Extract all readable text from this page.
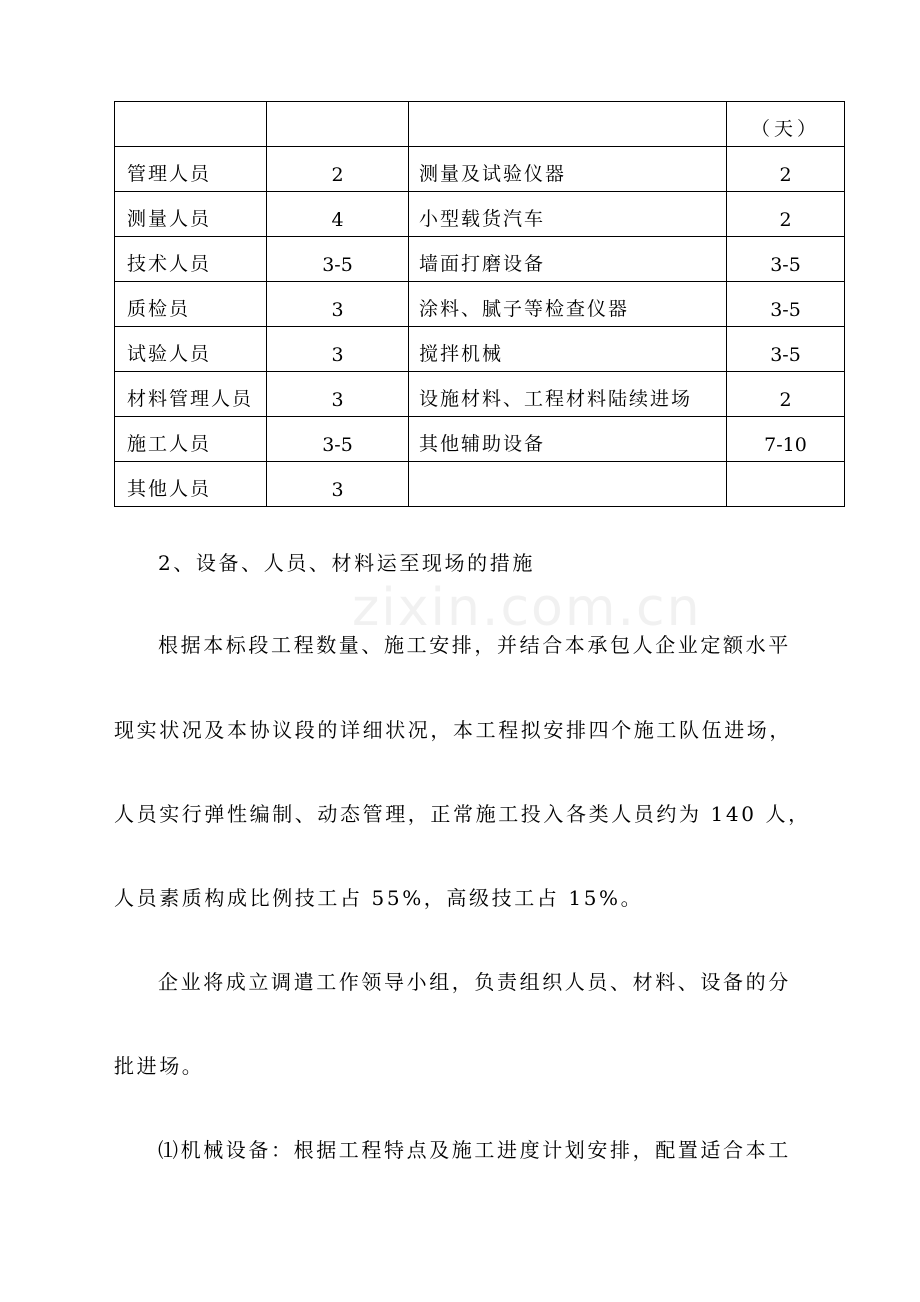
			（天）
管理人员	2	测量及试验仪器	2
测量人员	4	小型载货汽车	2
技术人员	3-5	墙面打磨设备	3-5
质检员	3	涂料、腻子等检查仪器	3-5
试验人员	3	搅拌机械	3-5
材料管理人员	3	设施材料、工程材料陆续进场	2
施工人员	3-5	其他辅助设备	7-10
其他人员	3		
zixin.com.cn

2、设备、人员、材料运至现场的措施

根据本标段工程数量、施工安排，并结合本承包人企业定额水平

现实状况及本协议段的详细状况，本工程拟安排四个施工队伍进场，

人员实行弹性编制、动态管理，正常施工投入各类人员约为 140 人，

人员素质构成比例技工占 55%，高级技工占 15%。

企业将成立调遣工作领导小组，负责组织人员、材料、设备的分

批进场。

⑴机械设备：根据工程特点及施工进度计划安排，配置适合本工
